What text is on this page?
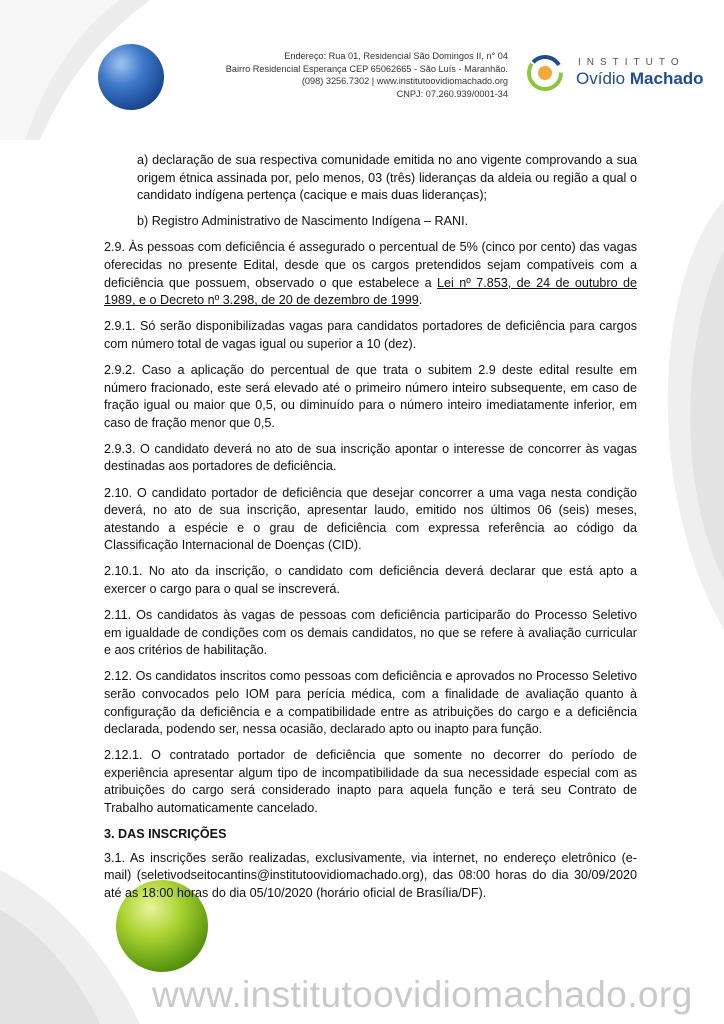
Endereço: Rua 01, Residencial São Domingos II, n° 04
Bairro Residencial Esperança CEP 65062665 - São Luís - Maranhão.
(098) 3256.7302 | www.institutoovidiomachado.org
CNPJ: 07.260.939/0001-34
INSTITUTO
Ovídio Machado

a) declaração de sua respectiva comunidade emitida no ano vigente comprovando a sua origem étnica assinada por, pelo menos, 03 (três) lideranças da aldeia ou região a qual o candidato indígena pertença (cacique e mais duas lideranças);

b) Registro Administrativo de Nascimento Indígena – RANI.

2.9. Às pessoas com deficiência é assegurado o percentual de 5% (cinco por cento) das vagas oferecidas no presente Edital, desde que os cargos pretendidos sejam compatíveis com a deficiência que possuem, observado o que estabelece a Lei nº 7.853, de 24 de outubro de 1989, e o Decreto nº 3.298, de 20 de dezembro de 1999.

2.9.1. Só serão disponibilizadas vagas para candidatos portadores de deficiência para cargos com número total de vagas igual ou superior a 10 (dez).

2.9.2. Caso a aplicação do percentual de que trata o subitem 2.9 deste edital resulte em número fracionado, este será elevado até o primeiro número inteiro subsequente, em caso de fração igual ou maior que 0,5, ou diminuído para o número inteiro imediatamente inferior, em caso de fração menor que 0,5.

2.9.3. O candidato deverá no ato de sua inscrição apontar o interesse de concorrer às vagas destinadas aos portadores de deficiência.

2.10. O candidato portador de deficiência que desejar concorrer a uma vaga nesta condição deverá, no ato de sua inscrição, apresentar laudo, emitido nos últimos 06 (seis) meses, atestando a espécie e o grau de deficiência com expressa referência ao código da Classificação Internacional de Doenças (CID).

2.10.1. No ato da inscrição, o candidato com deficiência deverá declarar que está apto a exercer o cargo para o qual se inscreverá.

2.11. Os candidatos às vagas de pessoas com deficiência participarão do Processo Seletivo em igualdade de condições com os demais candidatos, no que se refere à avaliação curricular e aos critérios de habilitação.

2.12. Os candidatos inscritos como pessoas com deficiência e aprovados no Processo Seletivo serão convocados pelo IOM para perícia médica, com a finalidade de avaliação quanto à configuração da deficiência e a compatibilidade entre as atribuições do cargo e a deficiência declarada, podendo ser, nessa ocasião, declarado apto ou inapto para função.

2.12.1. O contratado portador de deficiência que somente no decorrer do período de experiência apresentar algum tipo de incompatibilidade da sua necessidade especial com as atribuições do cargo será considerado inapto para aquela função e terá seu Contrato de Trabalho automaticamente cancelado.

3. DAS INSCRIÇÕES

3.1. As inscrições serão realizadas, exclusivamente, via internet, no endereço eletrônico (e-mail) (seletivodseitocantins@institutoovidiomachado.org), das 08:00 horas do dia 30/09/2020 até as 18:00 horas do dia 05/10/2020 (horário oficial de Brasília/DF).

www.institutoovidiomachado.org
